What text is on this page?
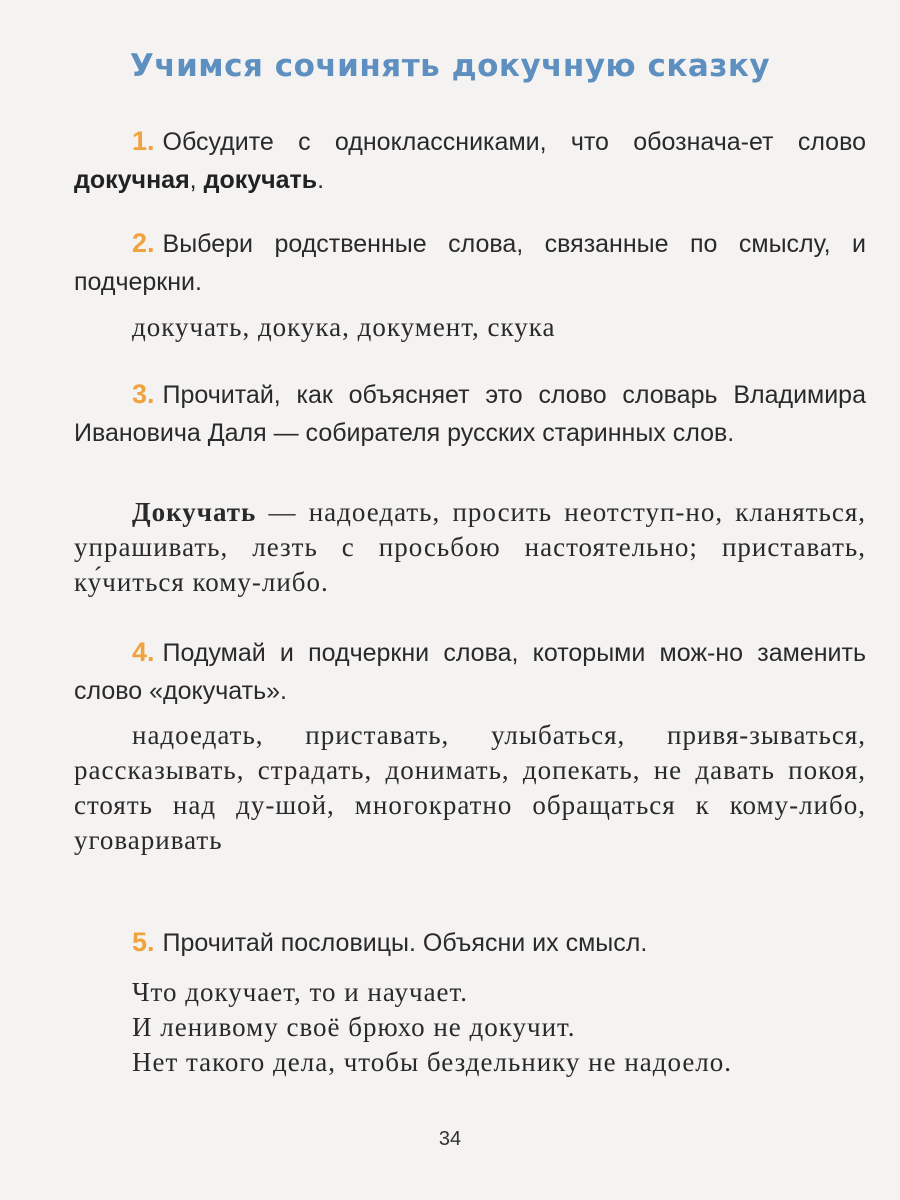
Учимся сочинять докучную сказку
1. Обсудите с одноклассниками, что обознача-ет слово докучная, докучать.
2. Выбери родственные слова, связанные по смыслу, и подчеркни.
докучать, докука, документ, скука
3. Прочитай, как объясняет это слово словарь Владимира Ивановича Даля — собирателя русских старинных слов.
Докучать — надоедать, просить неотступ-но, кланяться, упрашивать, лезть с просьбою настоятельно; приставать, ку́читься кому-либо.
4. Подумай и подчеркни слова, которыми мож-но заменить слово «докучать».
надоедать, приставать, улыбаться, привя-зываться, рассказывать, страдать, донимать, допекать, не давать покоя, стоять над ду-шой, многократно обращаться к кому-либо, уговаривать
5. Прочитай пословицы. Объясни их смысл.
Что докучает, то и научает.
И ленивому своё брюхо не докучит.
Нет такого дела, чтобы бездельнику не надоело.
34
